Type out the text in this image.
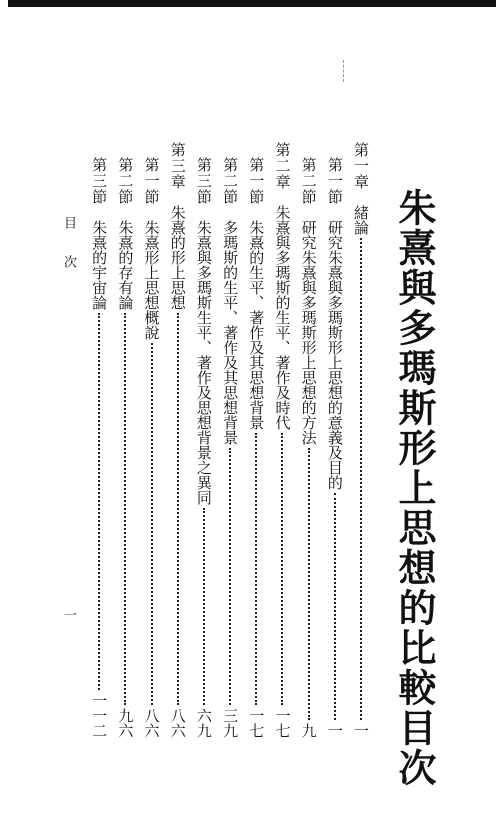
朱熹與多瑪斯形上思想的比較目次
第一章　緒論
一
第一節　研究朱熹與多瑪斯形上思想的意義及目的
一
第二節　研究朱熹與多瑪斯形上思想的方法
九
第二章　朱熹與多瑪斯的生平、著作及時代
一七
第一節　朱熹的生平、著作及其思想背景
一七
第二節　多瑪斯的生平、著作及其思想背景
三九
第三節　朱熹與多瑪斯生平、著作及思想背景之異同
六九
第三章　朱熹的形上思想
八六
第一節　朱熹形上思想概說
八六
第二節　朱熹的存有論
九六
第三節　朱熹的宇宙論
一一二
目次
一
